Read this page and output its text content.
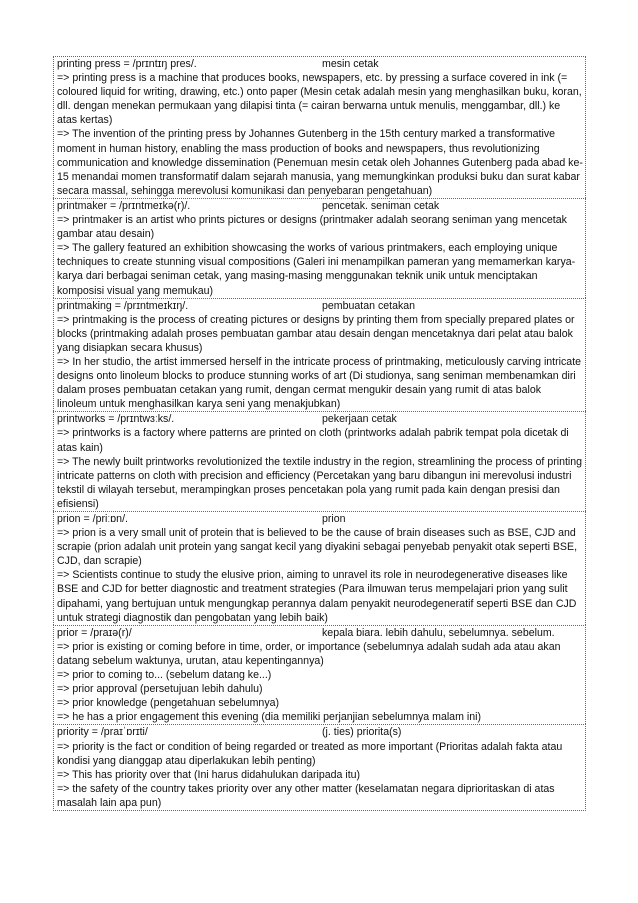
printing press = /prɪntɪŋ pres/.	mesin cetak

=> printing press is a machine that produces books, newspapers, etc. by pressing a surface covered in ink (= coloured liquid for writing, drawing, etc.) onto paper (Mesin cetak adalah mesin yang menghasilkan buku, koran, dll. dengan menekan permukaan yang dilapisi tinta (= cairan berwarna untuk menulis, menggambar, dll.) ke atas kertas)

=> The invention of the printing press by Johannes Gutenberg in the 15th century marked a transformative moment in human history, enabling the mass production of books and newspapers, thus revolutionizing communication and knowledge dissemination (Penemuan mesin cetak oleh Johannes Gutenberg pada abad ke-15 menandai momen transformatif dalam sejarah manusia, yang memungkinkan produksi buku dan surat kabar secara massal, sehingga merevolusi komunikasi dan penyebaran pengetahuan)

printmaker = /prɪntmeɪkə(r)/.	pencetak. seniman cetak

=> printmaker is an artist who prints pictures or designs (printmaker adalah seorang seniman yang mencetak gambar atau desain)

=> The gallery featured an exhibition showcasing the works of various printmakers, each employing unique techniques to create stunning visual compositions (Galeri ini menampilkan pameran yang memamerkan karya-karya dari berbagai seniman cetak, yang masing-masing menggunakan teknik unik untuk menciptakan komposisi visual yang memukau)

printmaking = /prɪntmeɪkɪŋ/.	pembuatan cetakan

=> printmaking is the process of creating pictures or designs by printing them from specially prepared plates or blocks (printmaking adalah proses pembuatan gambar atau desain dengan mencetaknya dari pelat atau balok yang disiapkan secara khusus)

=> In her studio, the artist immersed herself in the intricate process of printmaking, meticulously carving intricate designs onto linoleum blocks to produce stunning works of art (Di studionya, sang seniman membenamkan diri dalam proses pembuatan cetakan yang rumit, dengan cermat mengukir desain yang rumit di atas balok linoleum untuk menghasilkan karya seni yang menakjubkan)

printworks = /prɪntwɜːks/.	pekerjaan cetak

=> printworks is a factory where patterns are printed on cloth (printworks adalah pabrik tempat pola dicetak di atas kain)

=> The newly built printworks revolutionized the textile industry in the region, streamlining the process of printing intricate patterns on cloth with precision and efficiency (Percetakan yang baru dibangun ini merevolusi industri tekstil di wilayah tersebut, merampingkan proses pencetakan pola yang rumit pada kain dengan presisi dan efisiensi)

prion = /priːɒn/.	prion

=> prion is a very small unit of protein that is believed to be the cause of brain diseases such as BSE, CJD and scrapie (prion adalah unit protein yang sangat kecil yang diyakini sebagai penyebab penyakit otak seperti BSE, CJD, dan scrapie)

=> Scientists continue to study the elusive prion, aiming to unravel its role in neurodegenerative diseases like BSE and CJD for better diagnostic and treatment strategies (Para ilmuwan terus mempelajari prion yang sulit dipahami, yang bertujuan untuk mengungkap perannya dalam penyakit neurodegeneratif seperti BSE dan CJD untuk strategi diagnostik dan pengobatan yang lebih baik)

prior = /praɪə(r)/	kepala biara. lebih dahulu, sebelumnya. sebelum.

=> prior is existing or coming before in time, order, or importance (sebelumnya adalah sudah ada atau akan datang sebelum waktunya, urutan, atau kepentingannya)

=> prior to coming to... (sebelum datang ke...)

=> prior approval (persetujuan lebih dahulu)

=> prior knowledge (pengetahuan sebelumnya)

=> he has a prior engagement this evening (dia memiliki perjanjian sebelumnya malam ini)

priority = /praɪˈɒrɪti/	(j. ties) priorita(s)

=> priority is the fact or condition of being regarded or treated as more important (Prioritas adalah fakta atau kondisi yang dianggap atau diperlakukan lebih penting)

=> This has priority over that (Ini harus didahulukan daripada itu)

=> the safety of the country takes priority over any other matter (keselamatan negara diprioritaskan di atas masalah lain apa pun)
